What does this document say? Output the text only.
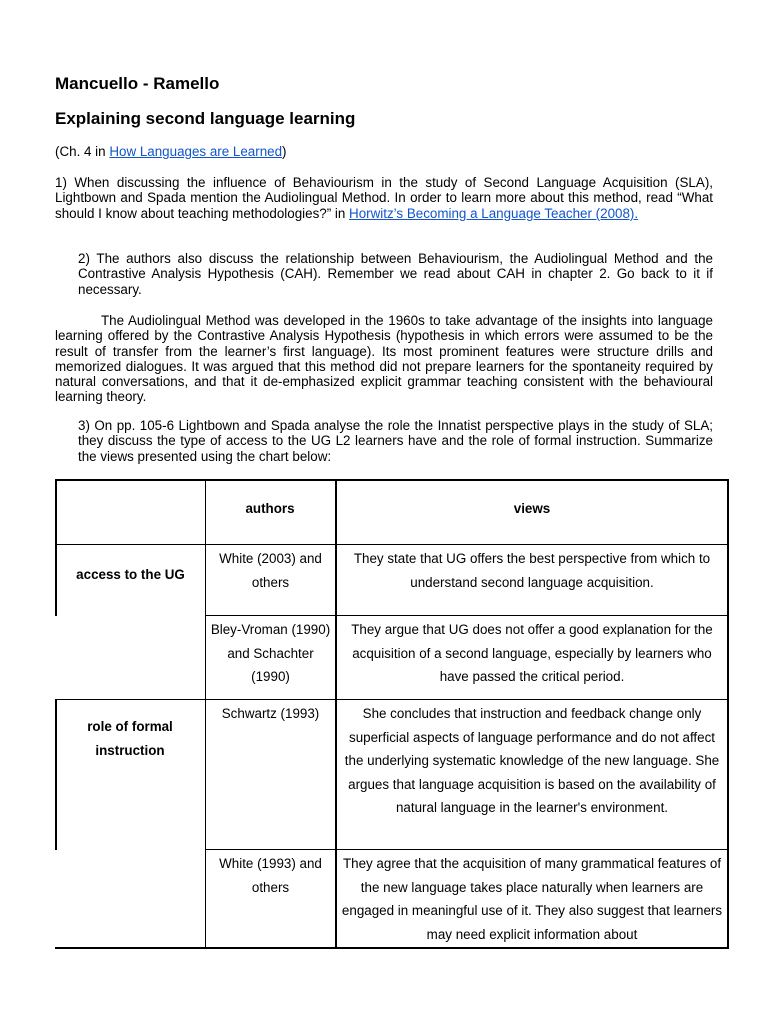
Mancuello - Ramello
Explaining second language learning
(Ch. 4 in How Languages are Learned)
1) When discussing the influence of Behaviourism in the study of Second Language Acquisition (SLA), Lightbown and Spada mention the Audiolingual Method. In order to learn more about this method, read “What should I know about teaching methodologies?” in Horwitz’s Becoming a Language Teacher (2008).
2) The authors also discuss the relationship between Behaviourism, the Audiolingual Method and the Contrastive Analysis Hypothesis (CAH). Remember we read about CAH in chapter 2. Go back to it if necessary.
The Audiolingual Method was developed in the 1960s to take advantage of the insights into language learning offered by the Contrastive Analysis Hypothesis (hypothesis in which errors were assumed to be the result of transfer from the learner’s first language). Its most prominent features were structure drills and memorized dialogues. It was argued that this method did not prepare learners for the spontaneity required by natural conversations, and that it de-emphasized explicit grammar teaching consistent with the behavioural learning theory.
3) On pp. 105-6 Lightbown and Spada analyse the role the Innatist perspective plays in the study of SLA; they discuss the type of access to the UG L2 learners have and the role of formal instruction. Summarize the views presented using the chart below:
authors	views
access to the UG
White (2003) and others
They state that UG offers the best perspective from which to understand second language acquisition.
Bley-Vroman (1990) and Schachter (1990)
They argue that UG does not offer a good explanation for the acquisition of a second language, especially by learners who have passed the critical period.
role of formal instruction
Schwartz (1993)	She concludes that instruction and feedback change only superficial aspects of language performance and do not affect the underlying systematic knowledge of the new language. She argues that language acquisition is based on the availability of natural language in the learner's environment.
White (1993) and others
They agree that the acquisition of many grammatical features of the new language takes place naturally when learners are engaged in meaningful use of it. They also suggest that learners may need explicit information about
